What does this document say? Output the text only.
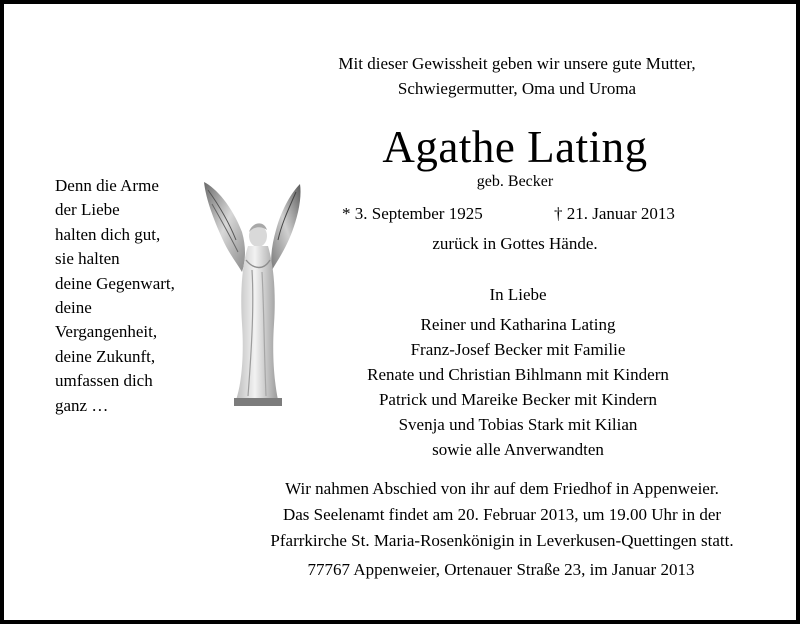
Mit dieser Gewissheit geben wir unsere gute Mutter,
Schwiegermutter, Oma und Uroma
Agathe Lating
geb. Becker
* 3. September 1925	† 21. Januar 2013
zurück in Gottes Hände.
Denn die Arme
der Liebe
halten dich gut,
sie halten
deine Gegenwart,
deine
Vergangenheit,
deine Zukunft,
umfassen dich
ganz …
In Liebe
Reiner und Katharina Lating
Franz-Josef Becker mit Familie
Renate und Christian Bihlmann mit Kindern
Patrick und Mareike Becker mit Kindern
Svenja und Tobias Stark mit Kilian
sowie alle Anverwandten
Wir nahmen Abschied von ihr auf dem Friedhof in Appenweier.
Das Seelenamt findet am 20. Februar 2013, um 19.00 Uhr in der
Pfarrkirche St. Maria-Rosenkönigin in Leverkusen-Quettingen statt.
77767 Appenweier, Ortenauer Straße 23, im Januar 2013
